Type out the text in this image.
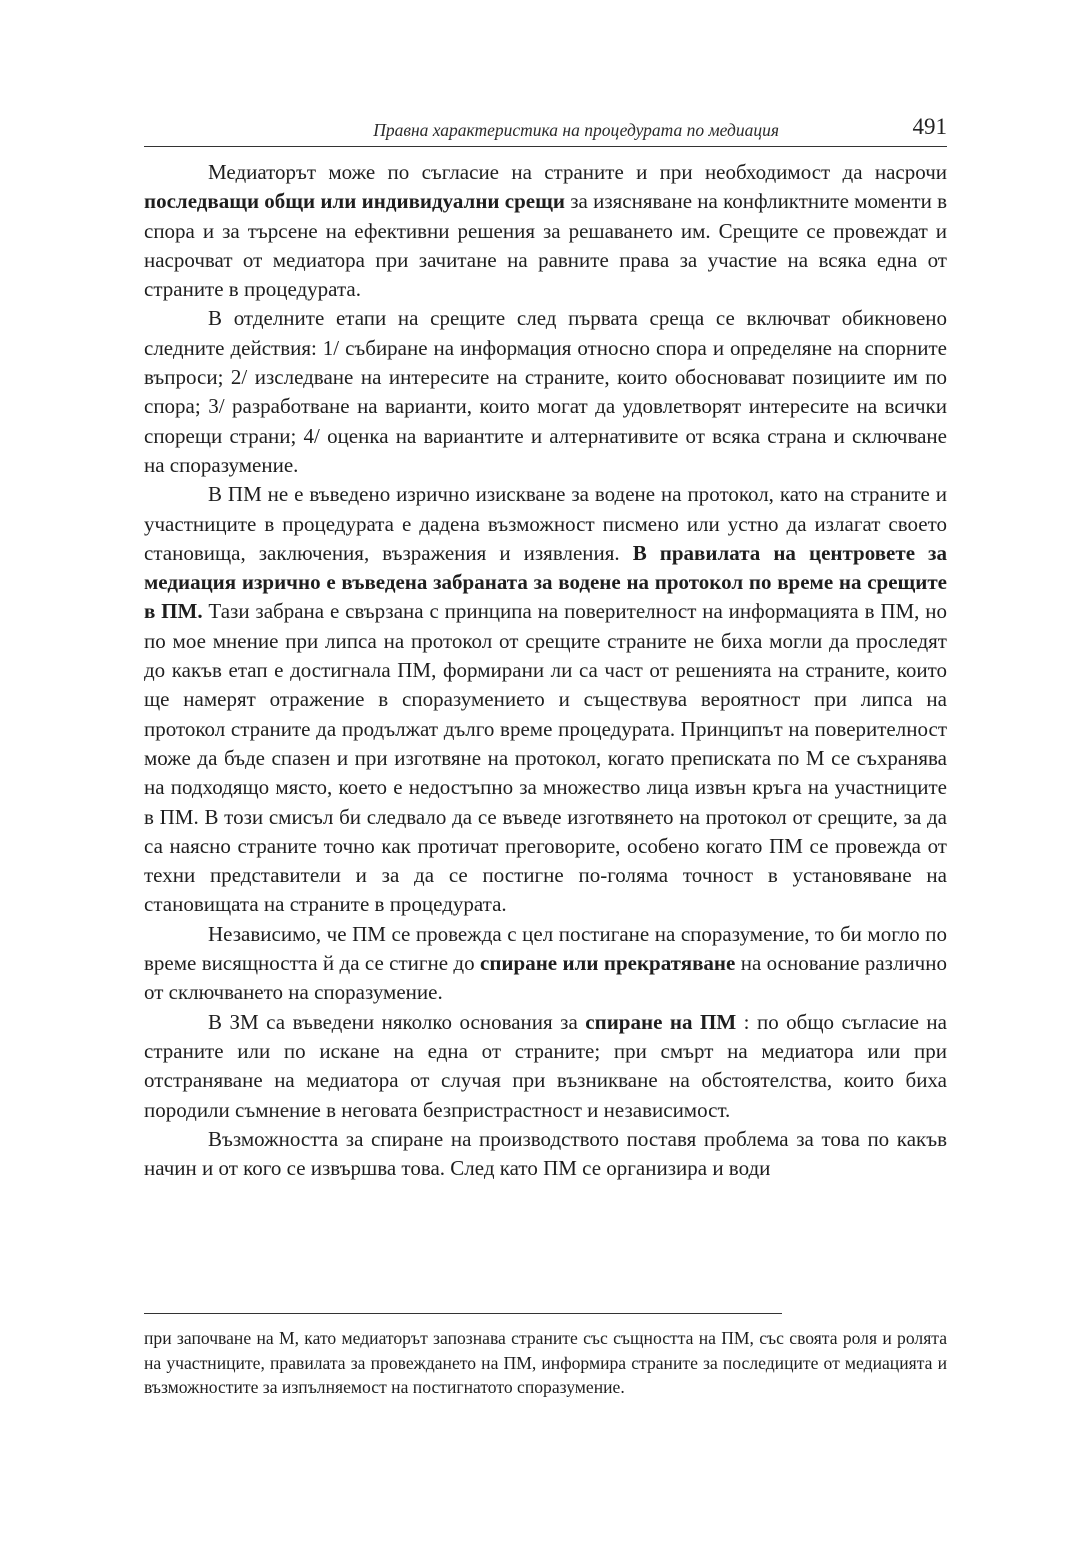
Правна характеристика на процедурата по медиация	491

Медиаторът може по съгласие на страните и при необходимост да насрочи последващи общи или индивидуални срещи за изясняване на конфликтните моменти в спора и за търсене на ефективни решения за решаването им. Срещите се провеждат и насрочват от медиатора при зачитане на равните права за участие на всяка една от страните в процедурата.

В отделните етапи на срещите след първата среща се включват обикновено следните действия: 1/ събиране на информация относно спора и определяне на спорните въпроси; 2/ изследване на интересите на страните, които обосновават позициите им по спора; 3/ разработване на варианти, които могат да удовлетворят интересите на всички спорещи страни; 4/ оценка на вариантите и алтернативите от всяка страна и сключване на споразумение.

В ПМ не е въведено изрично изискване за водене на протокол, като на страните и участниците в процедурата е дадена възможност писмено или устно да излагат своето становища, заключения, възражения и изявления. В правилата на центровете за медиация изрично е въведена забраната за водене на протокол по време на срещите в ПМ. Тази забрана е свързана с принципа на поверителност на информацията в ПМ, но по мое мнение при липса на протокол от срещите страните не биха могли да проследят до какъв етап е достигнала ПМ, формирани ли са част от решенията на страните, които ще намерят отражение в споразумението и съществува вероятност при липса на протокол страните да продължат дълго време процедурата. Принципът на поверителност може да бъде спазен и при изготвяне на протокол, когато преписката по М се съхранява на подходящо място, което е недостъпно за множество лица извън кръга на участниците в ПМ. В този смисъл би следвало да се въведе изготвянето на протокол от срещите, за да са наясно страните точно как протичат преговорите, особено когато ПМ се провежда от техни представители и за да се постигне по-голяма точност в установяване на становищата на страните в процедурата.

Независимо, че ПМ се провежда с цел постигане на споразумение, то би могло по време висящността й да се стигне до спиране или прекратяване на основание различно от сключването на споразумение.

В ЗМ са въведени няколко основания за спиране на ПМ : по общо съгласие на страните или по искане на една от страните; при смърт на медиатора или при отстраняване на медиатора от случая при възникване на обстоятелства, които биха породили съмнение в неговата безпристрастност и независимост.

Възможността за спиране на производството поставя проблема за това по какъв начин и от кого се извършва това. След като ПМ се организира и води

при започване на М, като медиаторът запознава страните със същността на ПМ, със своята роля и ролята на участниците, правилата за провеждането на ПМ, информира страните за последиците от медиацията и възможностите за изпълняемост на постигнатото споразумение.
